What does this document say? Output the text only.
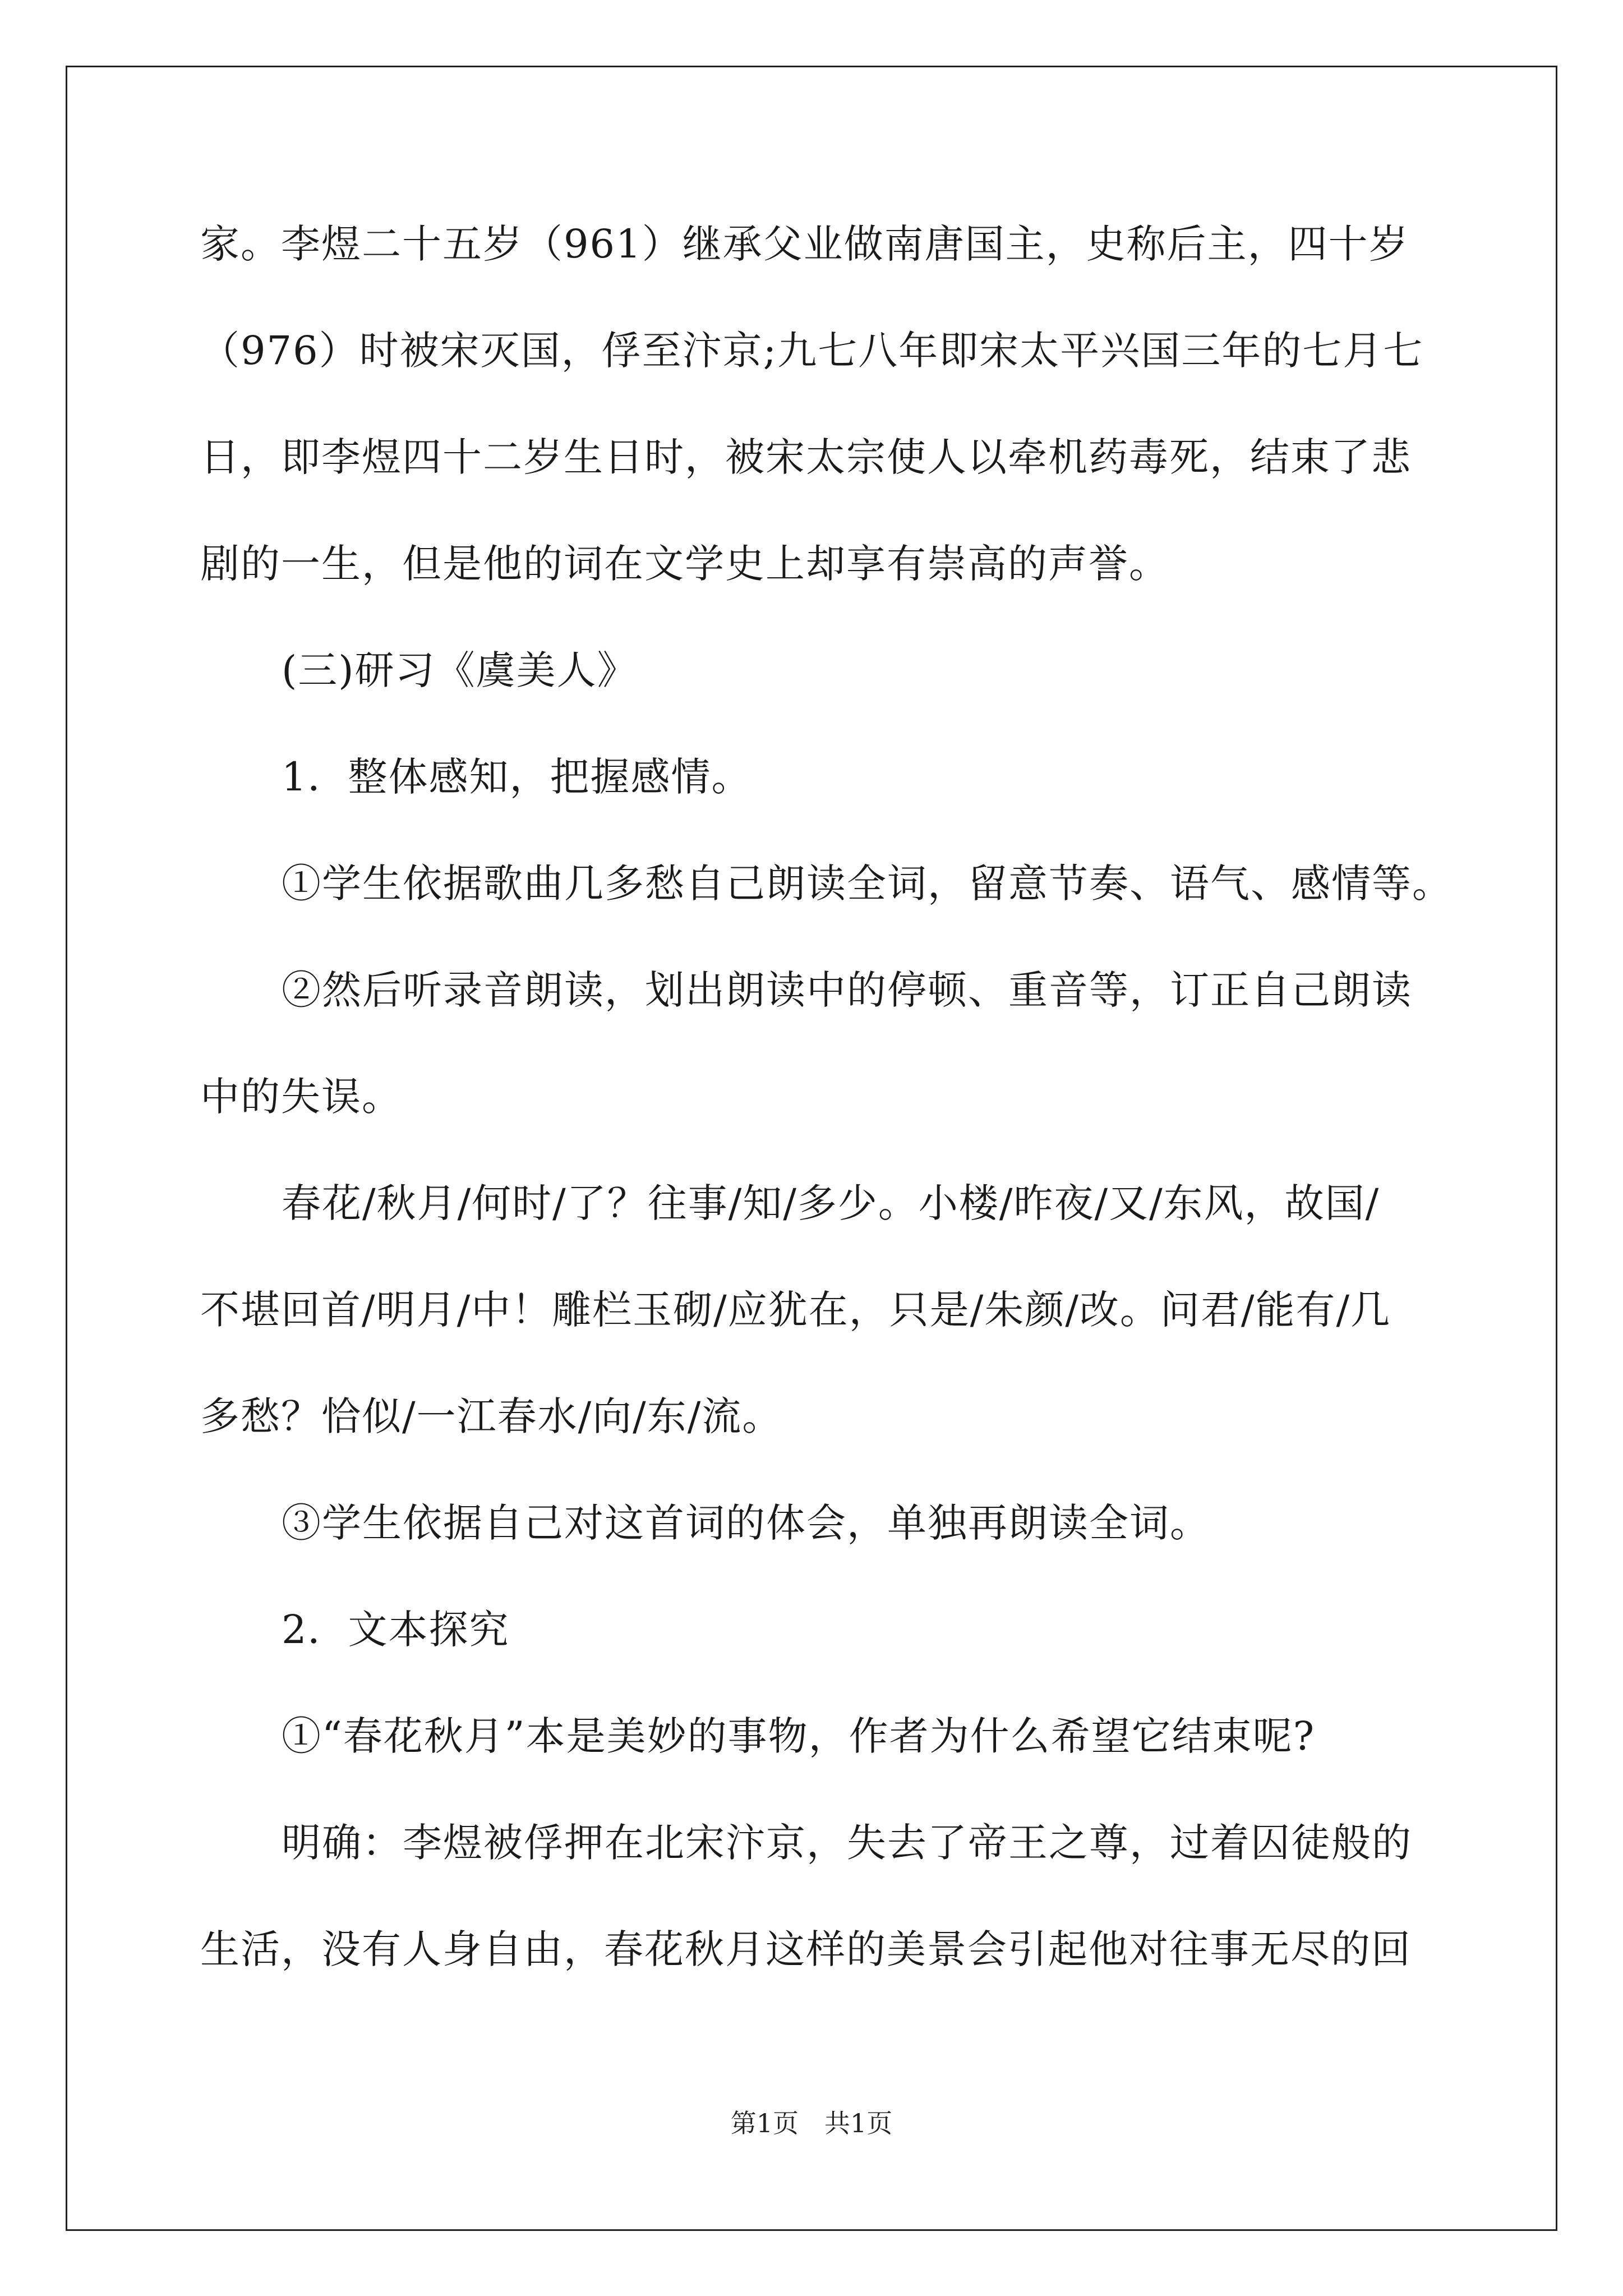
家。李煜二十五岁（961）继承父业做南唐国主，史称后主，四十岁
（976）时被宋灭国，俘至汴京;九七八年即宋太平兴国三年的七月七
日，即李煜四十二岁生日时，被宋太宗使人以牵机药毒死，结束了悲
剧的一生，但是他的词在文学史上却享有崇高的声誉。
(三)研习《虞美人》
1．整体感知，把握感情。
①学生依据歌曲几多愁自己朗读全词，留意节奏、语气、感情等。
②然后听录音朗读，划出朗读中的停顿、重音等，订正自己朗读
中的失误。
春花/秋月/何时/了？往事/知/多少。小楼/昨夜/又/东风，故国/
不堪回首/明月/中！雕栏玉砌/应犹在，只是/朱颜/改。问君/能有/几
多愁？恰似/一江春水/向/东/流。
③学生依据自己对这首词的体会，单独再朗读全词。
2．文本探究
①“春花秋月”本是美妙的事物，作者为什么希望它结束呢?
明确：李煜被俘押在北宋汴京，失去了帝王之尊，过着囚徒般的
生活，没有人身自由，春花秋月这样的美景会引起他对往事无尽的回
第1页　共1页
